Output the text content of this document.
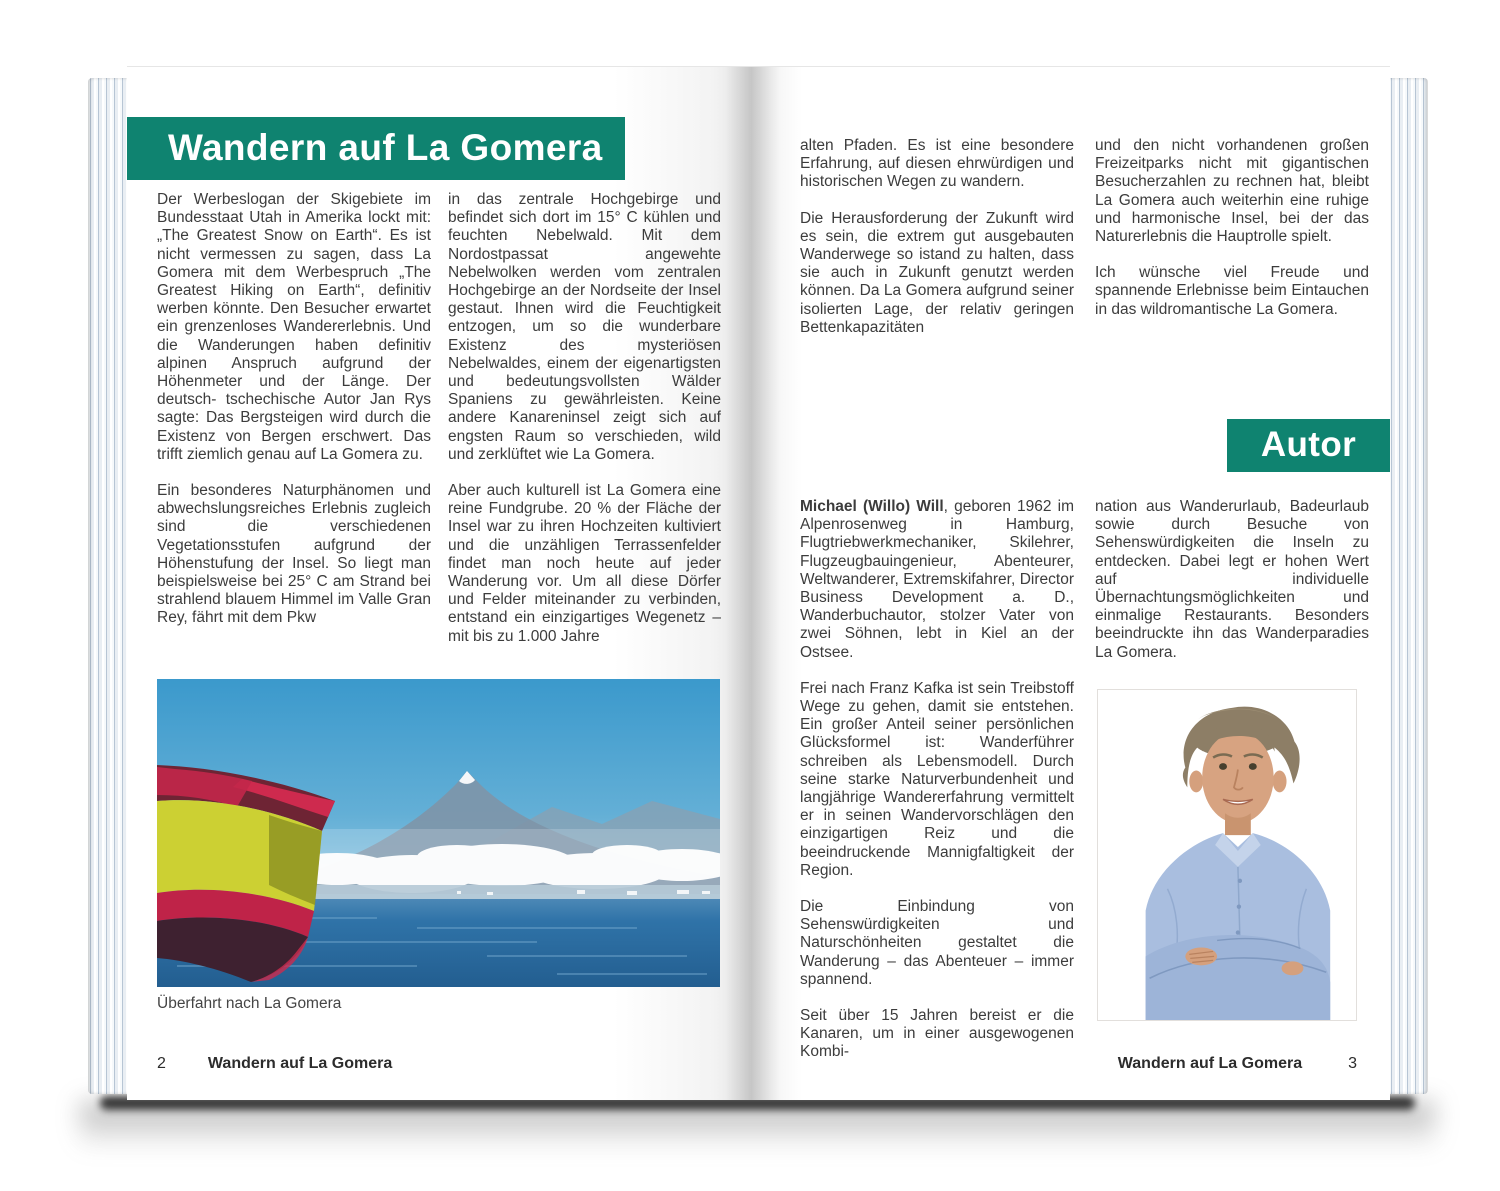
Wandern auf La Gomera

Der Werbeslogan der Skigebiete im Bundesstaat Utah in Amerika lockt mit: „The Greatest Snow on Earth“. Es ist nicht vermessen zu sagen, dass La Gomera mit dem Werbespruch „The Greatest Hiking on Earth“, definitiv werben könnte. Den Besucher erwartet ein grenzenloses Wandererlebnis. Und die Wanderungen haben definitiv alpinen Anspruch aufgrund der Höhenmeter und der Länge. Der deutsch- tschechische Autor Jan Rys sagte: Das Bergsteigen wird durch die Existenz von Bergen erschwert. Das trifft ziemlich genau auf La Gomera zu.

Ein besonderes Naturphänomen und abwechslungsreiches Erlebnis zugleich sind die verschiedenen Vegetationsstufen aufgrund der Höhenstufung der Insel. So liegt man beispielsweise bei 25° C am Strand bei strahlend blauem Himmel im Valle Gran Rey, fährt mit dem Pkw

in das zentrale Hochgebirge und befindet sich dort im 15° C kühlen und feuchten Nebelwald. Mit dem Nordostpassat angewehte Nebelwolken werden vom zentralen Hochgebirge an der Nordseite der Insel gestaut. Ihnen wird die Feuchtigkeit entzogen, um so die wunderbare Existenz des mysteriösen Nebelwaldes, einem der eigenartigsten und bedeutungsvollsten Wälder Spaniens zu gewährleisten. Keine andere Kanareninsel zeigt sich auf engsten Raum so verschieden, wild und zerklüftet wie La Gomera.

Aber auch kulturell ist La Gomera eine reine Fundgrube. 20 % der Fläche der Insel war zu ihren Hochzeiten kultiviert und die unzähligen Terrassenfelder findet man noch heute auf jeder Wanderung vor. Um all diese Dörfer und Felder miteinander zu verbinden, entstand ein einzigartiges Wegenetz – mit bis zu 1.000 Jahre

Überfahrt nach La Gomera
2	Wandern auf La Gomera

alten Pfaden. Es ist eine besondere Erfahrung, auf diesen ehrwürdigen und historischen Wegen zu wandern.

Die Herausforderung der Zukunft wird es sein, die extrem gut ausgebauten Wanderwege so istand zu halten, dass sie auch in Zukunft genutzt werden können. Da La Gomera aufgrund seiner isolierten Lage, der relativ geringen Bettenkapazitäten

und den nicht vorhandenen großen Freizeitparks nicht mit gigantischen Besucherzahlen zu rechnen hat, bleibt La Gomera auch weiterhin eine ruhige und harmonische Insel, bei der das Naturerlebnis die Hauptrolle spielt.

Ich wünsche viel Freude und spannende Erlebnisse beim Eintauchen in das wildromantische La Gomera.

Autor

Michael (Willo) Will, geboren 1962 im Alpenrosenweg in Hamburg, Flugtriebwerkmechaniker, Skilehrer, Flugzeugbauingenieur, Abenteurer, Weltwanderer, Extremskifahrer, Director Business Development a. D., Wanderbuchautor, stolzer Vater von zwei Söhnen, lebt in Kiel an der Ostsee.

Frei nach Franz Kafka ist sein Treibstoff Wege zu gehen, damit sie entstehen. Ein großer Anteil seiner persönlichen Glücksformel ist: Wanderführer schreiben als Lebensmodell. Durch seine starke Naturverbundenheit und langjährige Wandererfahrung vermittelt er in seinen Wandervorschlägen den einzigartigen Reiz und die beeindruckende Mannigfaltigkeit der Region.

Die Einbindung von Sehenswürdigkeiten und Naturschönheiten gestaltet die Wanderung – das Abenteuer – immer spannend.

Seit über 15 Jahren bereist er die Kanaren, um in einer ausgewogenen Kombi-

nation aus Wanderurlaub, Badeurlaub sowie durch Besuche von Sehenswürdigkeiten die Inseln zu entdecken. Dabei legt er hohen Wert auf individuelle Übernachtungsmöglichkeiten und einmalige Restaurants. Besonders beeindruckte ihn das Wanderparadies La Gomera.

Wandern auf La Gomera	3
